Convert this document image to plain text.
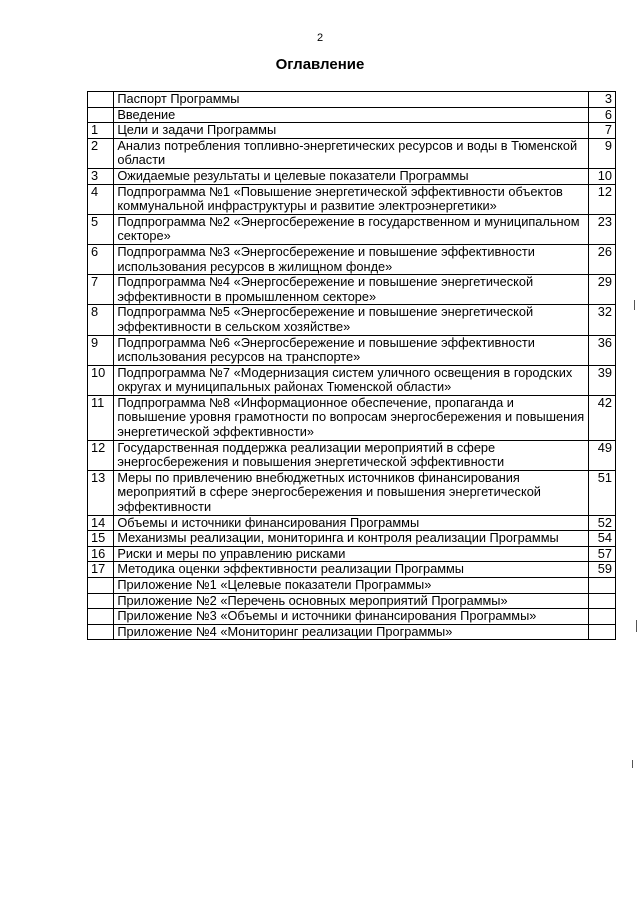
2
Оглавление
	Паспорт Программы	3
	Введение	6
1	Цели и задачи Программы	7
2	Анализ потребления топливно-энергетических ресурсов и воды в Тюменской области	9
3	Ожидаемые результаты и целевые показатели Программы	10
4	Подпрограмма №1 «Повышение энергетической эффективности объектов коммунальной инфраструктуры и развитие электроэнергетики»	12
5	Подпрограмма №2 «Энергосбережение в государственном и муниципальном секторе»	23
6	Подпрограмма №3 «Энергосбережение и повышение эффективности использования ресурсов в жилищном фонде»	26
7	Подпрограмма №4 «Энергосбережение и повышение энергетической эффективности в промышленном секторе»	29
8	Подпрограмма №5 «Энергосбережение и повышение энергетической эффективности в сельском хозяйстве»	32
9	Подпрограмма №6 «Энергосбережение и повышение эффективности использования ресурсов на транспорте»	36
10	Подпрограмма №7 «Модернизация систем уличного освещения в городских округах и муниципальных районах Тюменской области»	39
11	Подпрограмма №8 «Информационное обеспечение, пропаганда и повышение уровня грамотности по вопросам энергосбережения и повышения энергетической эффективности»	42
12	Государственная поддержка реализации мероприятий в сфере энергосбережения и повышения энергетической эффективности	49
13	Меры по привлечению внебюджетных источников финансирования мероприятий в сфере энергосбережения и повышения энергетической эффективности	51
14	Объемы и источники финансирования Программы	52
15	Механизмы реализации, мониторинга и контроля реализации Программы	54
16	Риски и меры по управлению рисками	57
17	Методика оценки эффективности реализации Программы	59
	Приложение №1 «Целевые показатели Программы»	
	Приложение №2 «Перечень основных мероприятий Программы»	
	Приложение №3 «Объемы и источники финансирования Программы»	
	Приложение №4 «Мониторинг реализации Программы»	
